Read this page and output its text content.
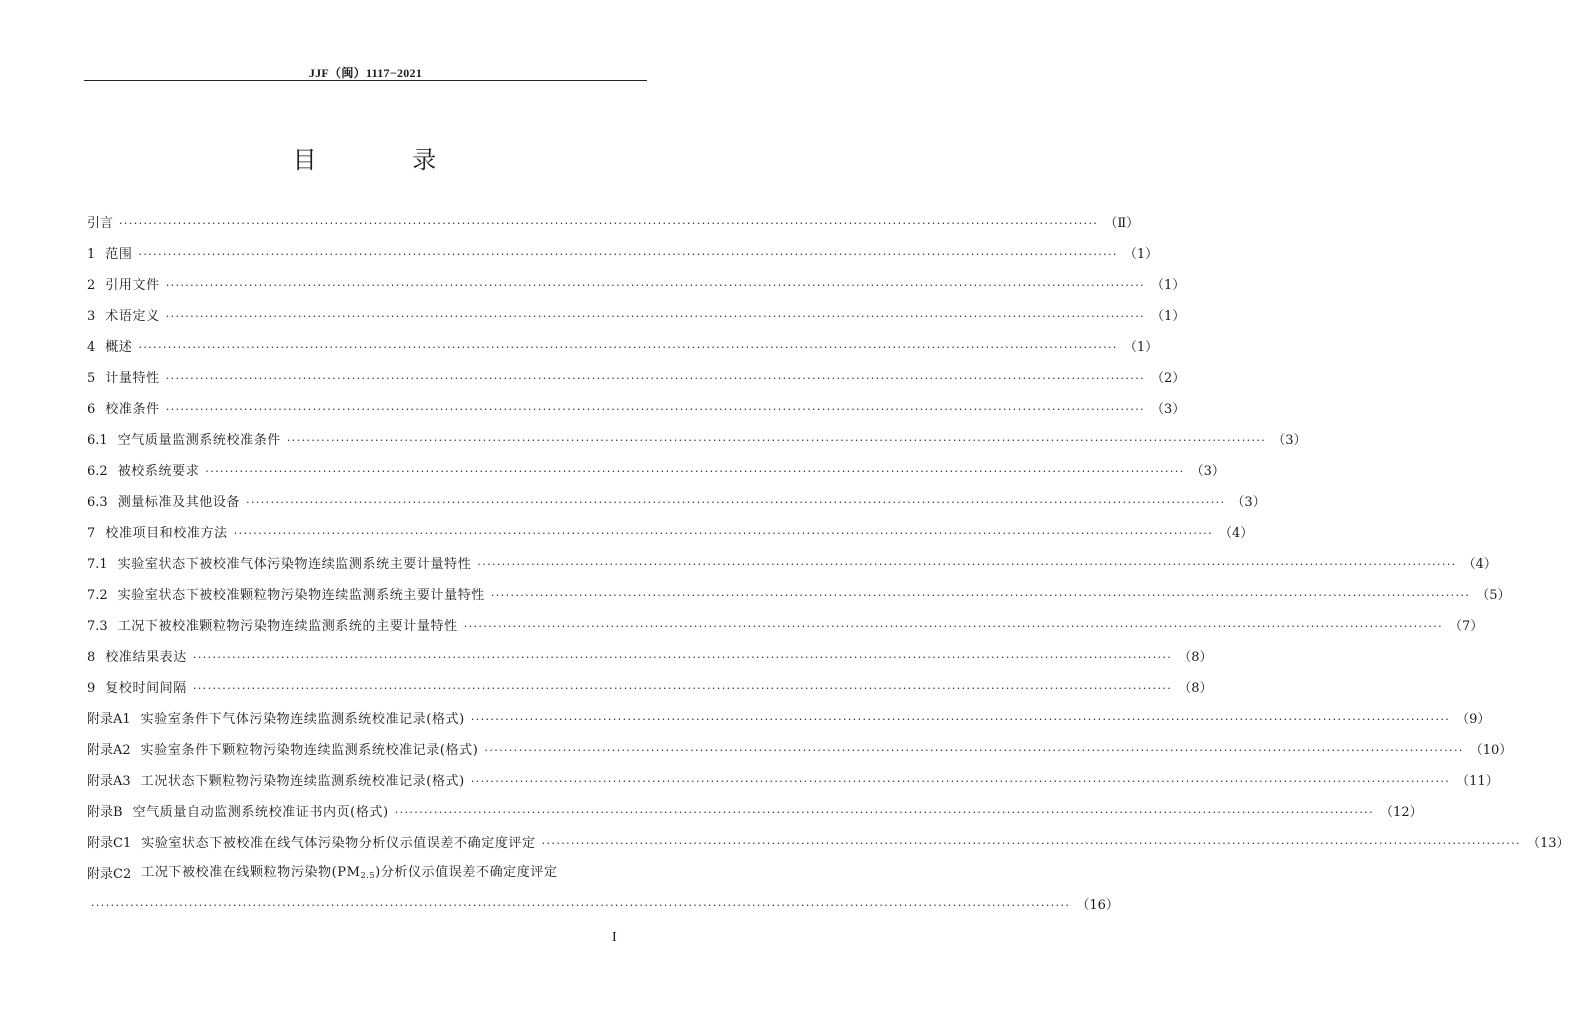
JJF（闽）1117−2021
目 录
引言 ········································································································································································································ （Ⅱ）
1 范围 ········································································································································································································ （1）
2 引用文件 ········································································································································································································ （1）
3 术语定义 ········································································································································································································ （1）
4 概述 ········································································································································································································ （1）
5 计量特性 ········································································································································································································ （2）
6 校准条件 ········································································································································································································ （3）
6.1 空气质量监测系统校准条件 ········································································································································································································ （3）
6.2 被校系统要求 ········································································································································································································ （3）
6.3 测量标准及其他设备 ········································································································································································································ （3）
7 校准项目和校准方法 ········································································································································································································ （4）
7.1 实验室状态下被校准气体污染物连续监测系统主要计量特性 ········································································································································································································ （4）
7.2 实验室状态下被校准颗粒物污染物连续监测系统主要计量特性 ········································································································································································································ （5）
7.3 工况下被校准颗粒物污染物连续监测系统的主要计量特性 ········································································································································································································ （7）
8 校准结果表达 ········································································································································································································ （8）
9 复校时间间隔 ········································································································································································································ （8）
附录A1 实验室条件下气体污染物连续监测系统校准记录(格式) ········································································································································································································ （9）
附录A2 实验室条件下颗粒物污染物连续监测系统校准记录(格式) ········································································································································································································ （10）
附录A3 工况状态下颗粒物污染物连续监测系统校准记录(格式) ········································································································································································································ （11）
附录B 空气质量自动监测系统校准证书内页(格式) ········································································································································································································ （12）
附录C1 实验室状态下被校准在线气体污染物分析仪示值误差不确定度评定 ········································································································································································································ （13）
附录C2 工况下被校准在线颗粒物污染物$(PM_{2.5})$分析仪示值误差不确定度评定
········································································································································································································ （16）
I
